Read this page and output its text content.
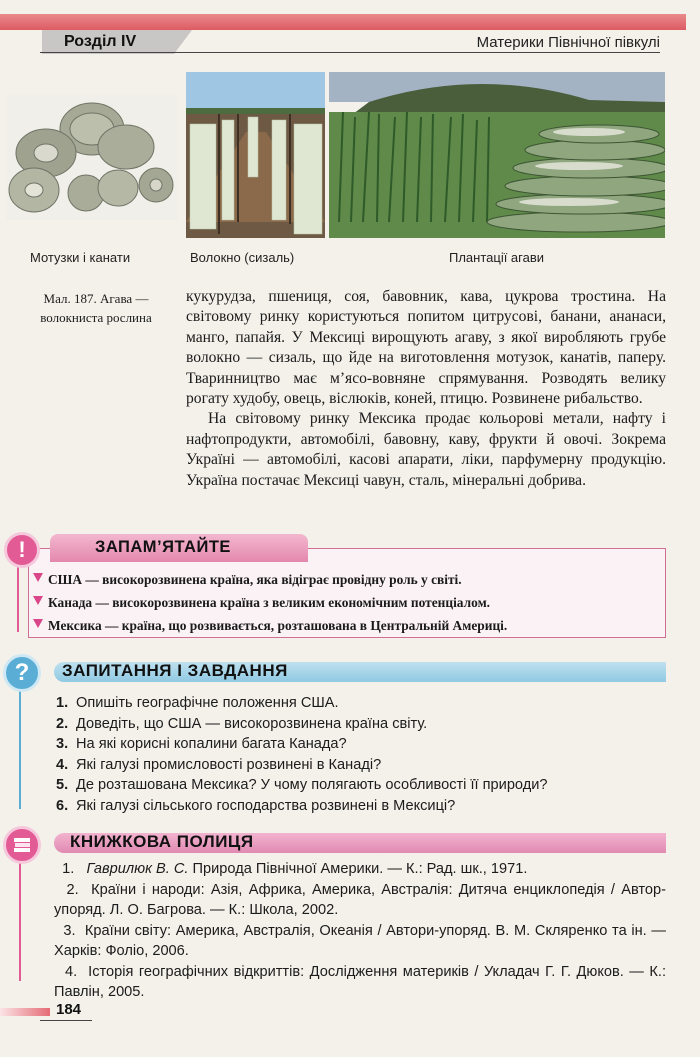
Розділ IV	Материки Північної півкулі
Мотузки і канати	Волокно (сизаль)	Плантації агави
Мал. 187. Агава —
волокниста рослина

кукурудза, пшениця, соя, бавовник, кава, цукрова тростина. На світовому ринку користуються попитом цитрусові, банани, ананаси, манго, папайя. У Мексиці вирощують агаву, з якої виробляють грубе волокно — сизаль, що йде на виготовлення мотузок, канатів, паперу. Тваринництво має м’ясо-вовняне спрямування. Розводять велику рогату худобу, овець, віслюків, коней, птицю. Розвинене рибальство.

На світовому ринку Мексика продає кольорові метали, нафту і нафтопродукти, автомобілі, бавовну, каву, фрукти й овочі. Зокрема Україні — автомобілі, касові апарати, ліки, парфумерну продукцію. Україна постачає Мексиці чавун, сталь, мінеральні добрива.

ЗАПАМ’ЯТАЙТЕ
!
США — високорозвинена країна, яка відіграє провідну роль у світі.
Канада — високорозвинена країна з великим економічним потенціалом.
Мексика — країна, що розвивається, розташована в Центральній Америці.
ЗАПИТАННЯ І ЗАВДАННЯ
?
1. Опишіть географічне положення США.
2. Доведіть, що США — високорозвинена країна світу.
3. На які корисні копалини багата Канада?
4. Які галузі промисловості розвинені в Канаді?
5. Де розташована Мексика? У чому полягають особливості її природи?
6. Які галузі сільського господарства розвинені в Мексиці?
КНИЖКОВА ПОЛИЦЯ

1. Гаврилюк В. С. Природа Північної Америки. — К.: Рад. шк., 1971.

2. Країни і народи: Азія, Африка, Америка, Австралія: Дитяча енциклопедія / Автор-упоряд. Л. О. Багрова. — К.: Школа, 2002.

3. Країни світу: Америка, Австралія, Океанія / Автори-упоряд. В. М. Скляренко та ін. — Харків: Фоліо, 2006.

4. Історія географічних відкриттів: Дослідження материків / Укладач Г. Г. Дюков. — К.: Павлін, 2005.

184
